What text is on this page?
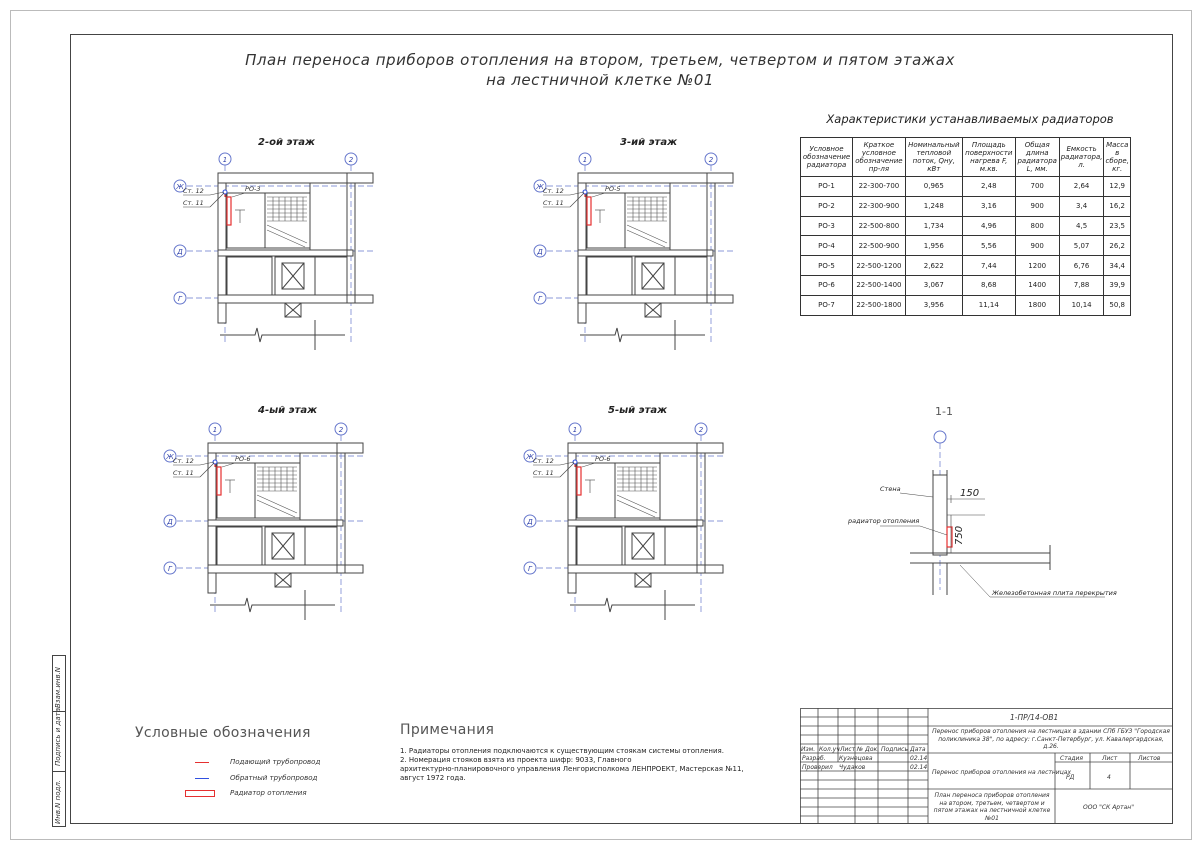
План переноса приборов отопления на втором, третьем, четвертом и пятом этажах
на лестничной клетке №01
2-ой этаж
1	2
Ж
Д
Г
Ст. 12
Ст. 11
РО-3
3-ий этаж
1	2
Ж
Д
Г
Ст. 12
Ст. 11
РО-5
4-ый этаж
1	2
Ж
Д
Г
Ст. 12
Ст. 11
РО-6
5-ый этаж
1	2
Ж
Д
Г
Ст. 12
Ст. 11
РО-6
Характеристики устанавливаемых радиаторов
Условное обозначение радиатора	Краткое условное обозначение пр-ля	Номинальный тепловой поток, Qну, кВт	Площадь поверхности нагрева F, м.кв.	Общая длина радиатора L, мм.	Емкость радиатора, л.	Масса в сборе, кг.
РО-1	22-300-700	0,965	2,48	700	2,64	12,9
РО-2	22-300-900	1,248	3,16	900	3,4	16,2
РО-3	22-500-800	1,734	4,96	800	4,5	23,5
РО-4	22-500-900	1,956	5,56	900	5,07	26,2
РО-5	22-500-1200	2,622	7,44	1200	6,76	34,4
РО-6	22-500-1400	3,067	8,68	1400	7,88	39,9
РО-7	22-500-1800	3,956	11,14	1800	10,14	50,8
1-1
Стена
радиатор отопления
150
750
Железобетонная плита перекрытия
Условные обозначения
Подающий трубопровод
Обратный трубопровод
Радиатор отопления
Примечания
1. Радиаторы отопления подключаются к существующим стоякам системы отопления.
2. Номерация стояков взята из проекта шифр: 9033, Главного
архитектурно-планировочного управления Ленгорисполкома ЛЕНПРОЕКТ, Мастерская №11,
август 1972 года.
Инв.N подл.
Подпись и дата
Взам.инв.N
1-ПР/14-ОВ1
Перенос приборов отопления на лестницах в здании СПб ГБУЗ "Городская поликлиника 38", по адресу: г.Санкт-Петербург, ул. Кавалергардская, д.26.
Изм. Кол.уч Лист № Док. Подпись Дата
Разраб. Кузнецова	02.14
Проверил Чудаков	02.14
Перенос приборов отопления на лестницах
Стадия	Лист	Листов
РД	4
План переноса приборов отопления на втором, третьем, четвертом и пятом этажах на лестничной клетке №01
ООО "СК Артан"
